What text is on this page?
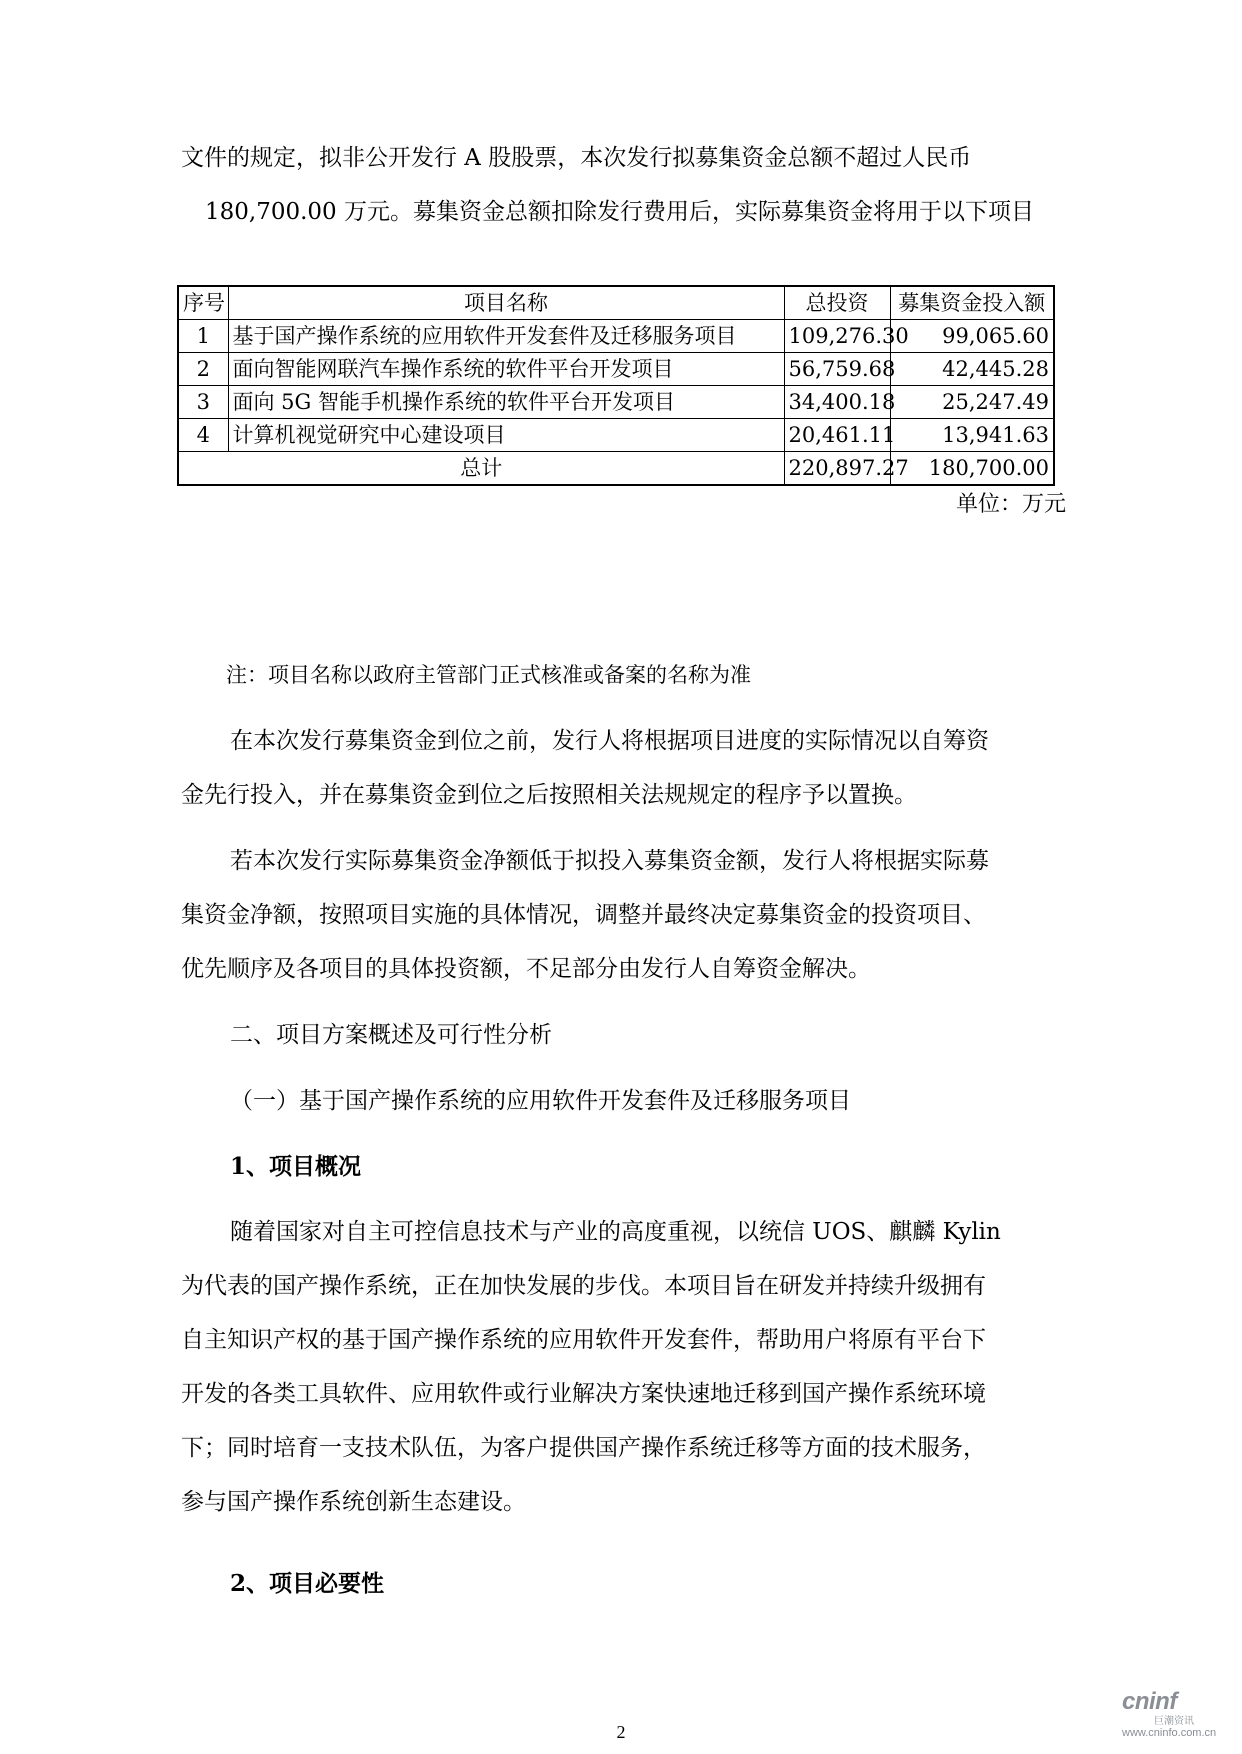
文件的规定，拟非公开发行 A 股股票，本次发行拟募集资金总额不超过人民币
180,700.00 万元。募集资金总额扣除发行费用后，实际募集资金将用于以下项目
序号	项目名称	总投资	募集资金投入额
1	基于国产操作系统的应用软件开发套件及迁移服务项目	109,276.30	99,065.60
2	面向智能网联汽车操作系统的软件平台开发项目	56,759.68	42,445.28
3	面向 5G 智能手机操作系统的软件平台开发项目	34,400.18	25,247.49
4	计算机视觉研究中心建设项目	20,461.11	13,941.63
总计		220,897.27	180,700.00
单位：万元
注：项目名称以政府主管部门正式核准或备案的名称为准
在本次发行募集资金到位之前，发行人将根据项目进度的实际情况以自筹资
金先行投入，并在募集资金到位之后按照相关法规规定的程序予以置换。
若本次发行实际募集资金净额低于拟投入募集资金额，发行人将根据实际募
集资金净额，按照项目实施的具体情况，调整并最终决定募集资金的投资项目、
优先顺序及各项目的具体投资额，不足部分由发行人自筹资金解决。
二、项目方案概述及可行性分析
（一）基于国产操作系统的应用软件开发套件及迁移服务项目
1、项目概况
随着国家对自主可控信息技术与产业的高度重视，以统信 UOS、麒麟 Kylin
为代表的国产操作系统，正在加快发展的步伐。本项目旨在研发并持续升级拥有
自主知识产权的基于国产操作系统的应用软件开发套件，帮助用户将原有平台下
开发的各类工具软件、应用软件或行业解决方案快速地迁移到国产操作系统环境
下；同时培育一支技术队伍，为客户提供国产操作系统迁移等方面的技术服务，
参与国产操作系统创新生态建设。
2、项目必要性
2
cninf
巨潮资讯
www.cninfo.com.cn
